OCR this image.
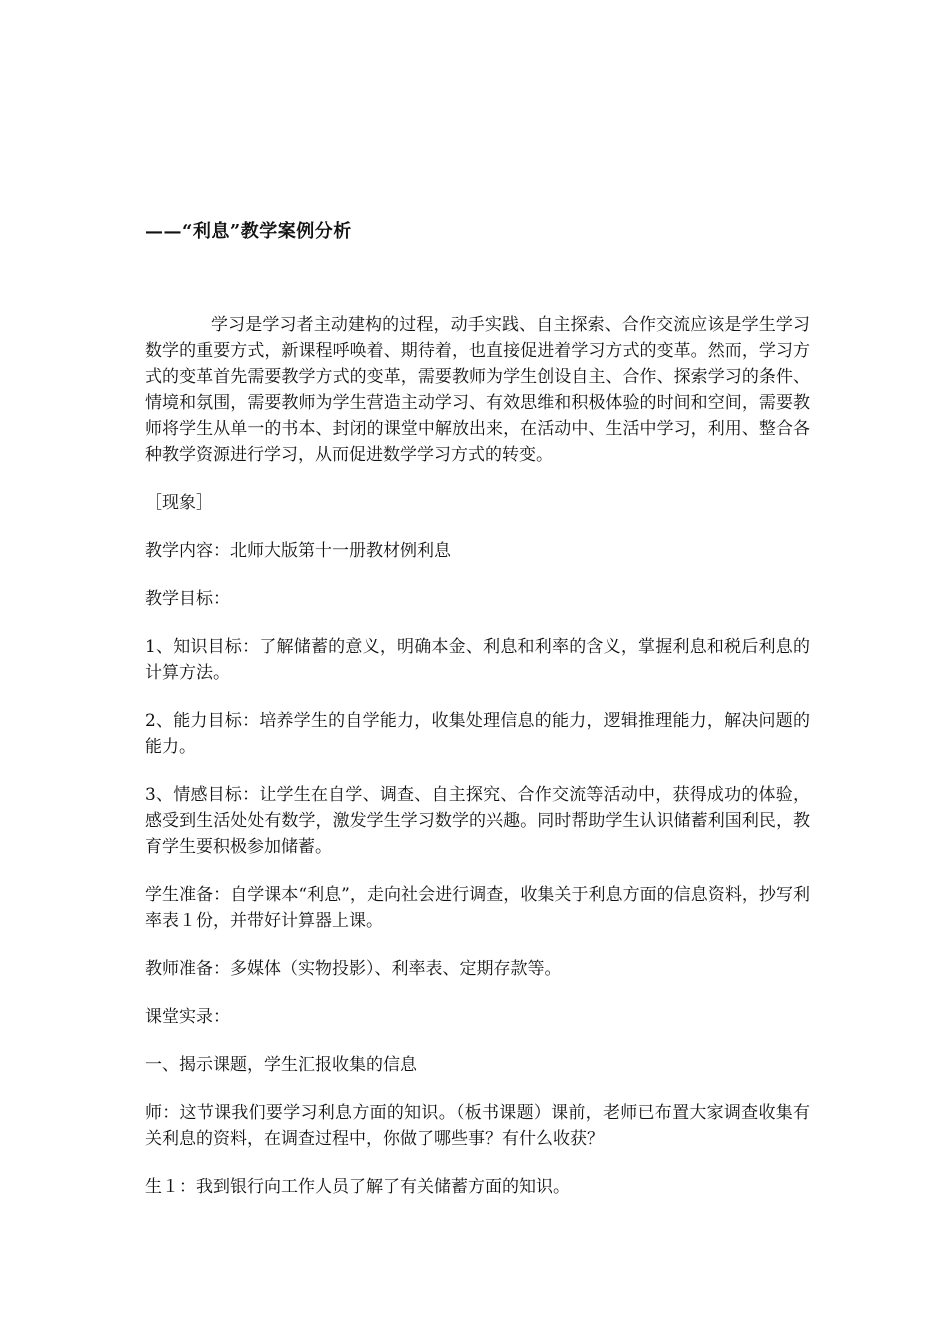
——“利息”教学案例分析

学习是学习者主动建构的过程，动手实践、自主探索、合作交流应该是学生学习数学的重要方式，新课程呼唤着、期待着，也直接促进着学习方式的变革。然而，学习方式的变革首先需要教学方式的变革，需要教师为学生创设自主、合作、探索学习的条件、情境和氛围，需要教师为学生营造主动学习、有效思维和积极体验的时间和空间，需要教师将学生从单一的书本、封闭的课堂中解放出来，在活动中、生活中学习，利用、整合各种教学资源进行学习，从而促进数学学习方式的转变。

［现象］

教学内容：北师大版第十一册教材例利息

教学目标：

1、知识目标：了解储蓄的意义，明确本金、利息和利率的含义，掌握利息和税后利息的计算方法。

2、能力目标：培养学生的自学能力，收集处理信息的能力，逻辑推理能力，解决问题的能力。

3、情感目标：让学生在自学、调查、自主探究、合作交流等活动中，获得成功的体验，感受到生活处处有数学，激发学生学习数学的兴趣。同时帮助学生认识储蓄利国利民，教育学生要积极参加储蓄。

学生准备：自学课本“利息”，走向社会进行调查，收集关于利息方面的信息资料，抄写利率表１份，并带好计算器上课。

教师准备：多媒体（实物投影）、利率表、定期存款等。

课堂实录：

一、揭示课题，学生汇报收集的信息

师：这节课我们要学习利息方面的知识。（板书课题）课前，老师已布置大家调查收集有关利息的资料，在调查过程中，你做了哪些事？有什么收获？

生１：我到银行向工作人员了解了有关储蓄方面的知识。
